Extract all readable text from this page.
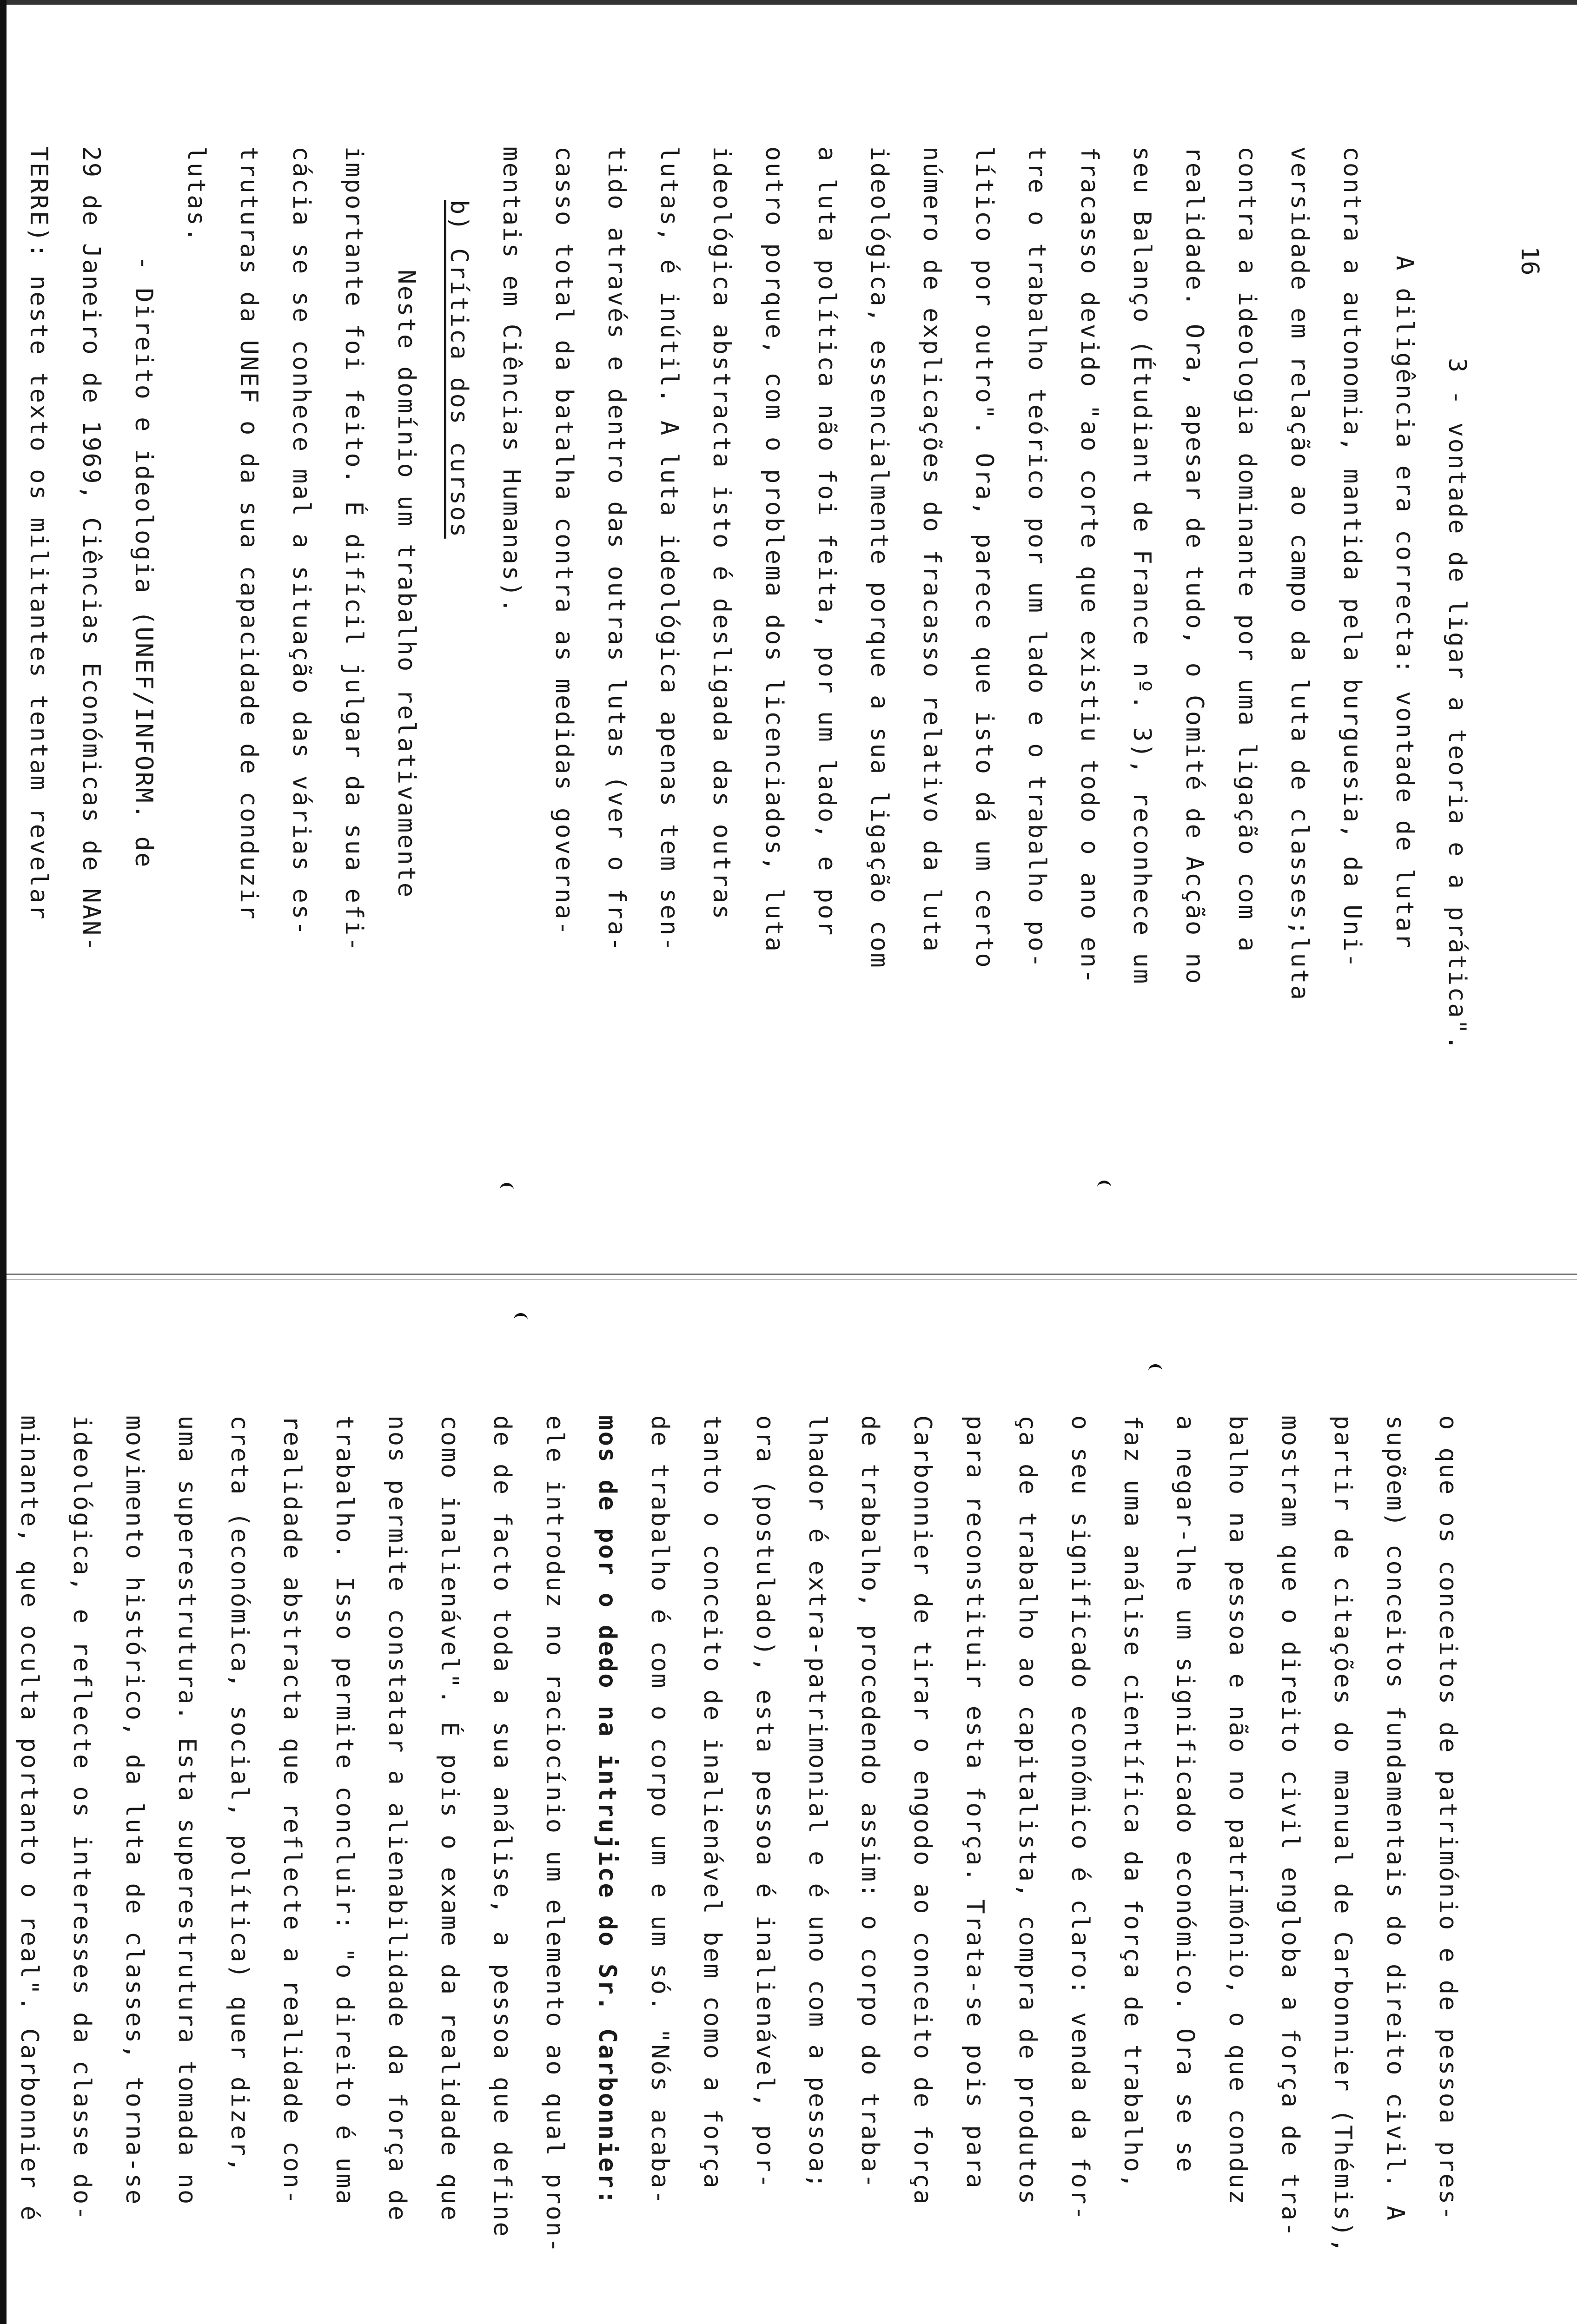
16
3 - vontade de ligar a teoria e a prática".
A diligência era correcta: vontade de lutar
contra a autonomia, mantida pela burguesia, da Uni-
versidade em relação ao campo da luta de classes;luta
contra a ideologia dominante por uma ligação com a
realidade. Ora, apesar de tudo, o Comité de Acção no
seu Balanço (Étudiant de France nº. 3), reconhece um
fracasso devido "ao corte que existiu todo o ano en-
tre o trabalho teórico por um lado e o trabalho po-
lítico por outro". Ora, parece que isto dá um certo
número de explicações do fracasso relativo da luta
ideológica, essencialmente porque a sua ligação com
a luta política não foi feita, por um lado, e por
outro porque, com o problema dos licenciados, luta
ideológica abstracta isto é desligada das outras
lutas, é inútil. A luta ideológica apenas tem sen-
tido através e dentro das outras lutas (ver o fra-
casso total da batalha contra as medidas governa-
mentais em Ciências Humanas).
b) Crítica dos cursos
Neste domínio um trabalho relativamente
importante foi feito. É difícil julgar da sua efi-
cácia se se conhece mal a situação das várias es-
truturas da UNEF o da sua capacidade de conduzir
lutas.
- Direito e ideologia (UNEF/INFORM. de
29 de Janeiro de 1969, Ciências Económicas de NAN-
TERRE): neste texto os militantes tentam revelar
o que os conceitos de património e de pessoa pres-
supõem) conceitos fundamentais do direito civil. A
partir de citações do manual de Carbonnier (Thémis),
mostram que o direito civil engloba a força de tra-
balho na pessoa e não no património, o que conduz
a negar-lhe um significado económico. Ora se se
faz uma análise científica da força de trabalho,
o seu significado económico é claro: venda da for-
ça de trabalho ao capitalista, compra de produtos
para reconstituir esta força. Trata-se pois para
Carbonnier de tirar o engodo ao conceito de força
de trabalho, procedendo assim: o corpo do traba-
lhador é extra-patrimonial e é uno com a pessoa;
ora (postulado), esta pessoa é inalienável, por-
tanto o conceito de inalienável bem como a força
de trabalho é com o corpo um e um só. "Nós acaba-
mos de por o dedo na intrujice do Sr. Carbonnier:
ele introduz no raciocínio um elemento ao qual pron-
de de facto toda a sua análise, a pessoa que define
como inalienável". É pois o exame da realidade que
nos permite constatar a alienabilidade da força de
trabalho. Isso permite concluir: "o direito é uma
realidade abstracta que reflecte a realidade con-
creta (económica, social, política) quer dizer,
uma superestrutura. Esta superestrutura tomada no
movimento histórico, da luta de classes, torna-se
ideológica, e reflecte os interesses da classe do-
minante, que oculta portanto o real". Carbonnier é
